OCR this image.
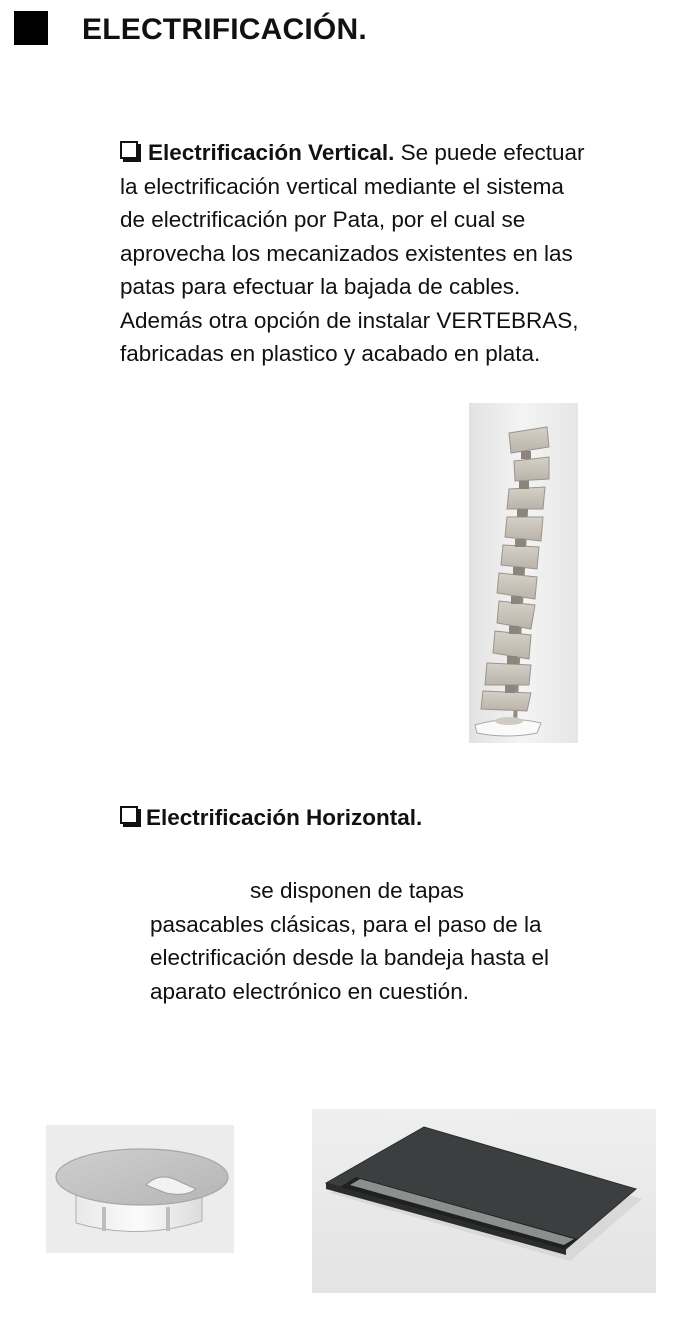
ELECTRIFICACIÓN.
Electrificación Vertical. Se puede efectuar
la electrificación vertical mediante el sistema
de electrificación por Pata, por el cual se
aprovecha los mecanizados existentes en las
patas para efectuar la bajada de cables.
Además otra opción de instalar VERTEBRAS,
fabricadas en plastico y acabado en plata.
Electrificación Horizontal.
se disponen de tapas
pasacables clásicas, para el paso de la
electrificación desde la bandeja hasta el
aparato electrónico en cuestión.
